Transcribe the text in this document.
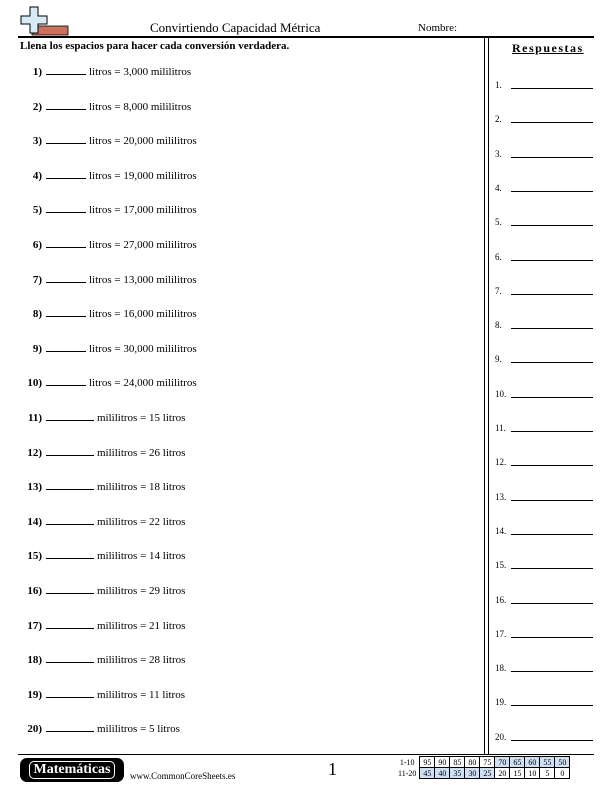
Convirtiendo Capacidad Métrica	Nombre:
Llena los espacios para hacer cada conversión verdadera.
1)	litros = 3,000 mililitros
2)	litros = 8,000 mililitros
3)	litros = 20,000 mililitros
4)	litros = 19,000 mililitros
5)	litros = 17,000 mililitros
6)	litros = 27,000 mililitros
7)	litros = 13,000 mililitros
8)	litros = 16,000 mililitros
9)	litros = 30,000 mililitros
10)	litros = 24,000 mililitros
11)	mililitros = 15 litros
12)	mililitros = 26 litros
13)	mililitros = 18 litros
14)	mililitros = 22 litros
15)	mililitros = 14 litros
16)	mililitros = 29 litros
17)	mililitros = 21 litros
18)	mililitros = 28 litros
19)	mililitros = 11 litros
20)	mililitros = 5 litros
Respuestas
1.
2.
3.
4.
5.
6.
7.
8.
9.
10.
11.
12.
13.
14.
15.
16.
17.
18.
19.
20.
Matemáticas	www.CommonCoreSheets.es	1	1-10	95	90	85	80	75	70	65	60	55	50
11-20	45	40	35	30	25	20	15	10	5	0
